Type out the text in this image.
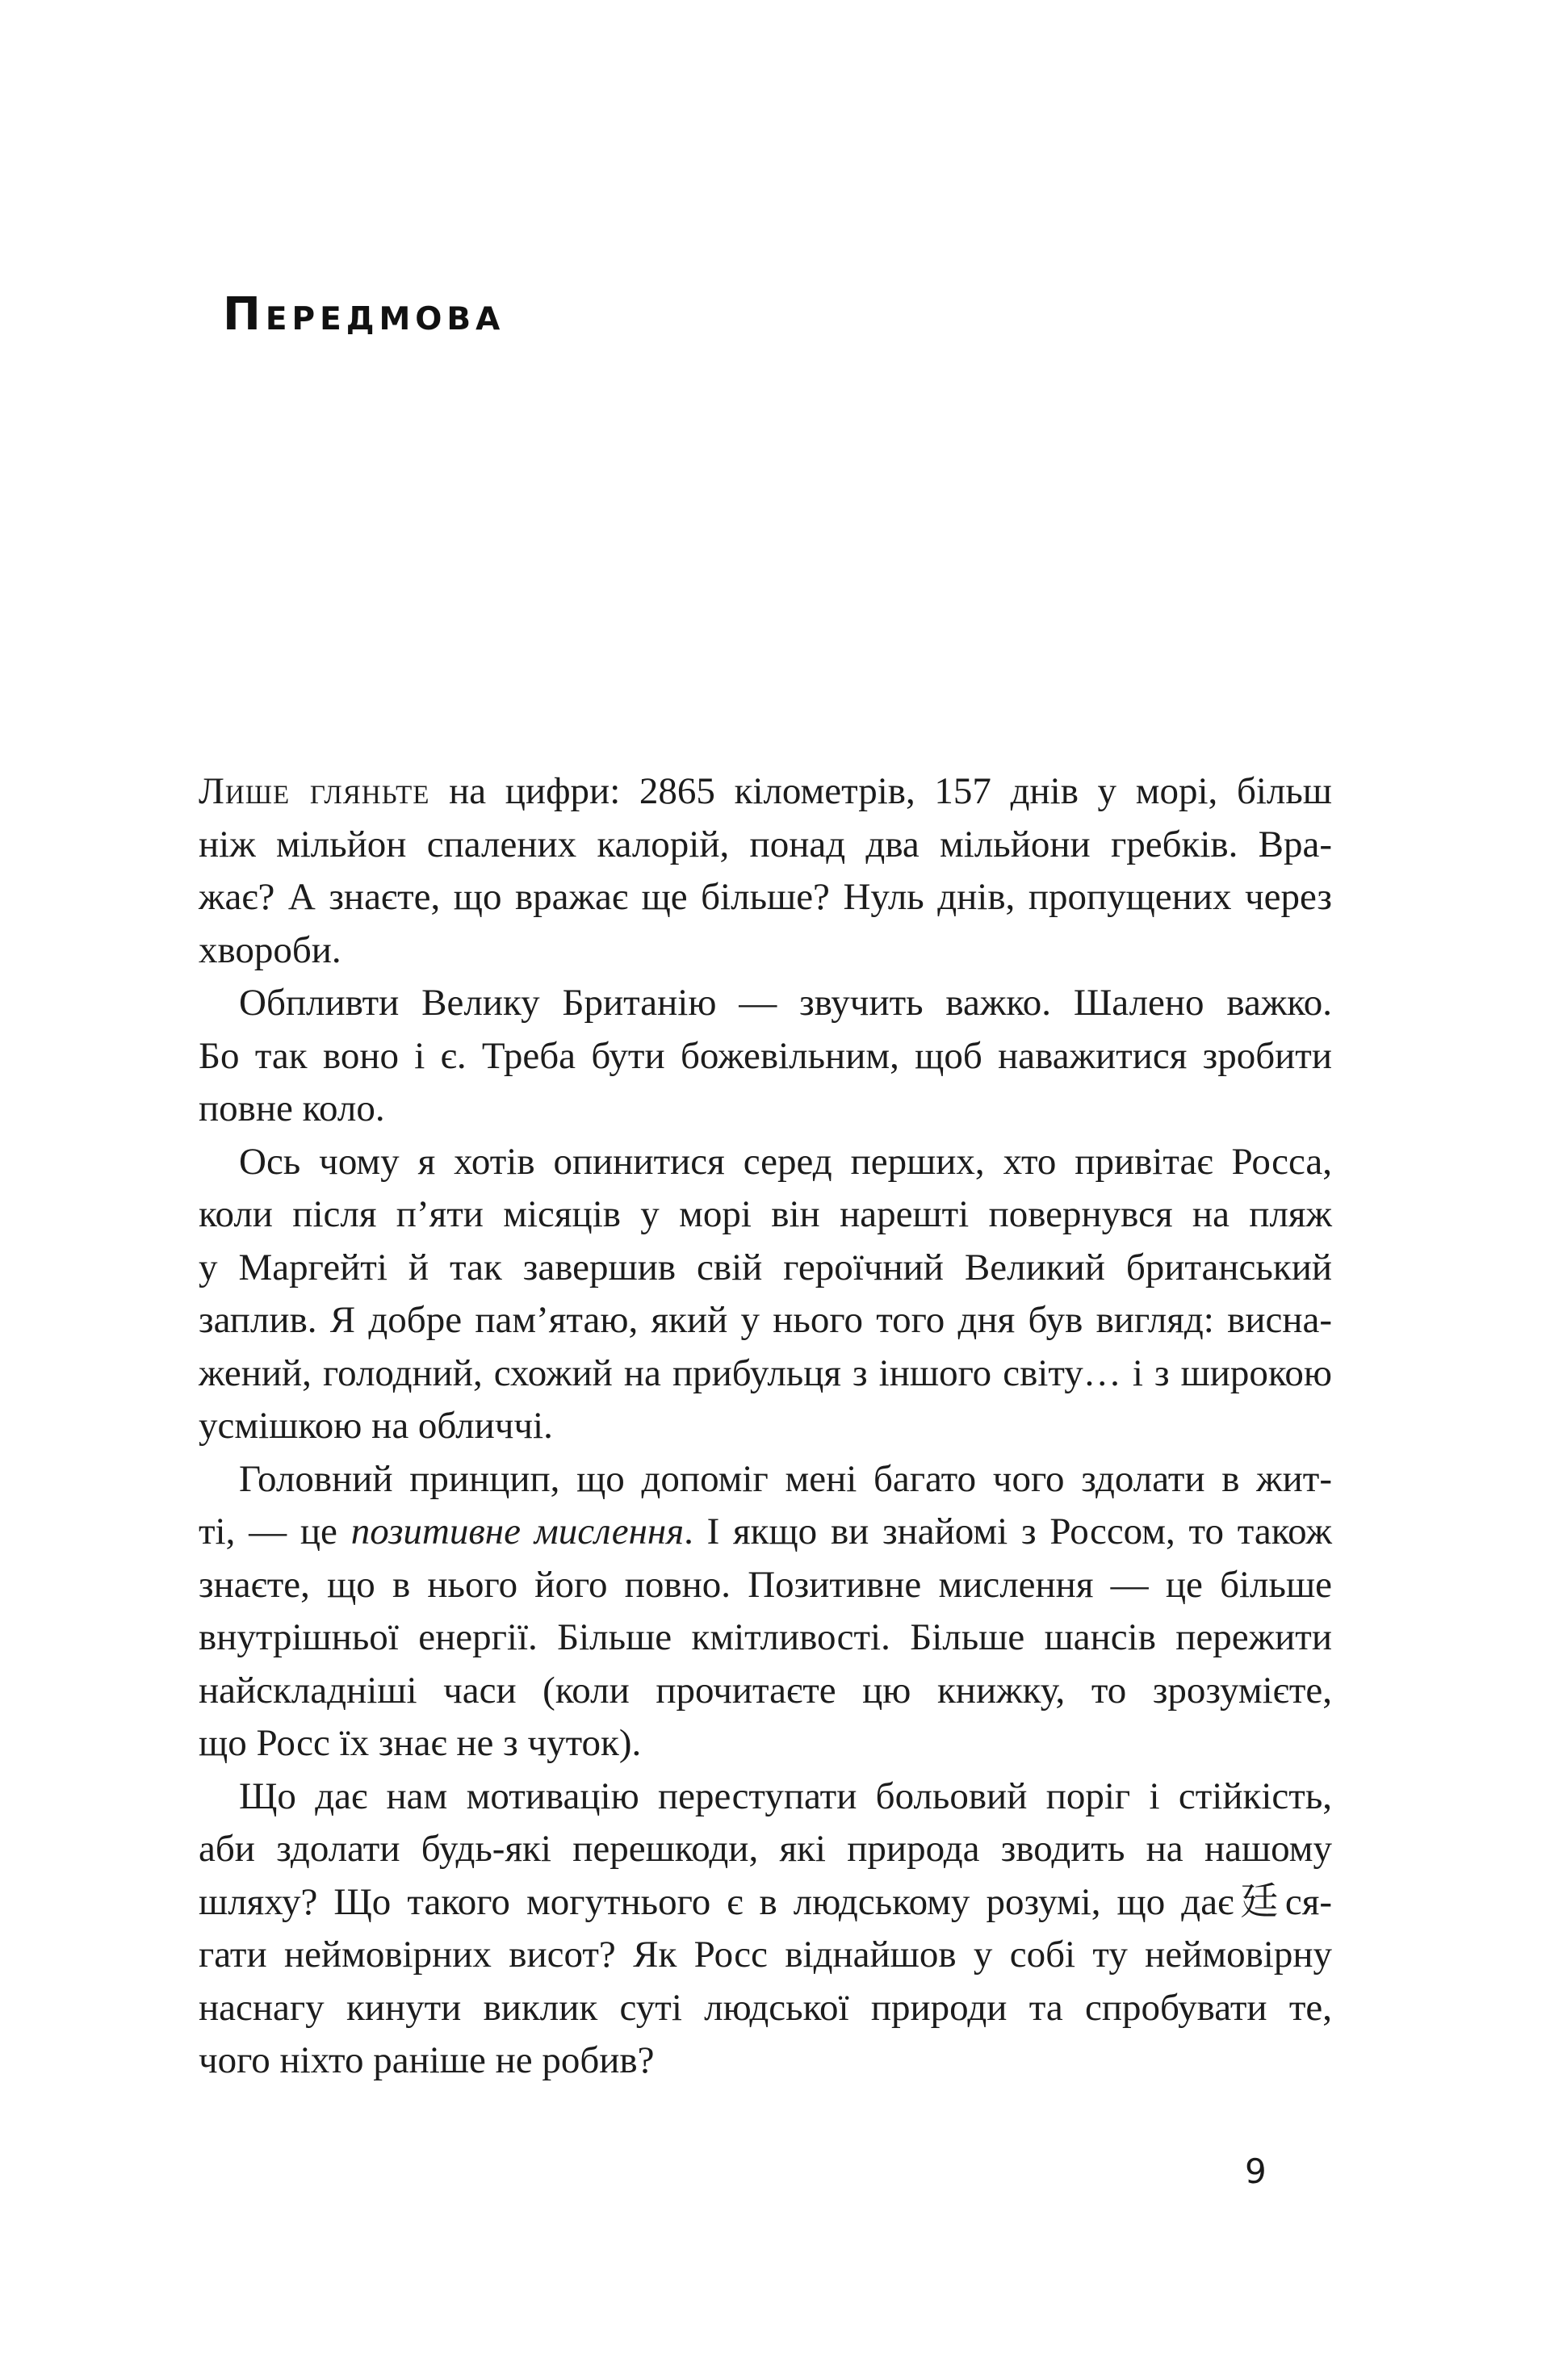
Передмова
Лише гляньте на цифри: 2865 кілометрів, 157 днів у морі, більш
ніж мільйон спалених калорій, понад два мільйони гребків. Вра-
жає? А знаєте, що вражає ще більше? Нуль днів, пропущених через
хвороби.
Обпливти Велику Британію — звучить важко. Шалено важко.
Бо так воно і є. Треба бути божевільним, щоб наважитися зробити
повне коло.
Ось чому я хотів опинитися серед перших, хто привітає Росса,
коли після п’яти місяців у морі він нарешті повернувся на пляж
у Маргейті й так завершив свій героїчний Великий британський
заплив. Я добре пам’ятаю, який у нього того дня був вигляд: висна-
жений, голодний, схожий на прибульця з іншого світу… і з широкою
усмішкою на обличчі.
Головний принцип, що допоміг мені багато чого здолати в жит-
ті, — це позитивне мислення. І якщо ви знайомі з Россом, то також
знаєте, що в нього його повно. Позитивне мислення — це більше
внутрішньої енергії. Більше кмітливості. Більше шансів пережити
найскладніші часи (коли прочитаєте цю книжку, то зрозумієте,
що Росс їх знає не з чуток).
Що дає нам мотивацію переступати больовий поріг і стійкість,
аби здолати будь-які перешкоди, які природа зводить на нашому
шляху? Що такого могутнього є в людському розумі, що дає廷ся-
гати неймовірних висот? Як Росс віднайшов у собі ту неймовірну
наснагу кинути виклик суті людської природи та спробувати те,
чого ніхто раніше не робив?
9
